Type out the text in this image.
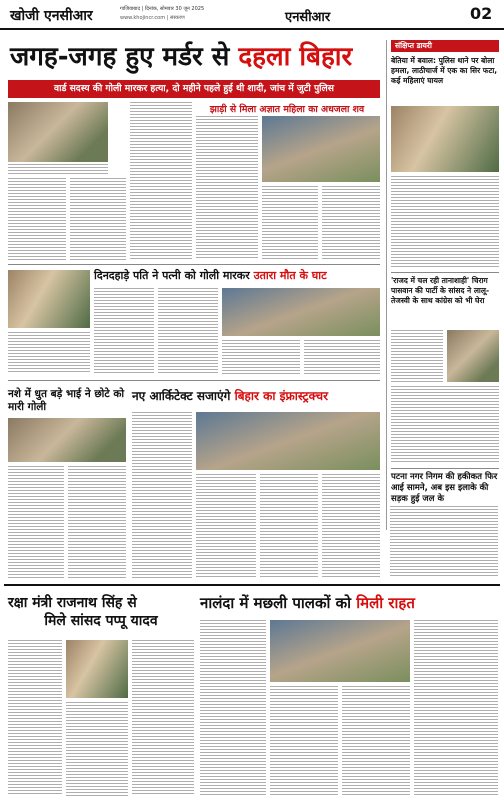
खोजी एनसीआर	गाजियाबाद | दिनांक, सोमवार 30 जून 2025
www.khojincr.com | संस्करण	एनसीआर	02
जगह-जगह हुए मर्डर से दहला बिहार
वार्ड सदस्य की गोली मारकर हत्या, दो महीने पहले हुई थी शादी, जांच में जुटी पुलिस
झाड़ी से मिला अज्ञात महिला का अधजला शव
संक्षिप्त डायरी
बेतिया में बवाल: पुलिस थाने पर बोला हमला, लाठीचार्ज में एक का सिर फटा, कई महिलाएं घायल
'राजद में चल रही तानाशाही' चिराग पासवान की पार्टी के सांसद ने लालू-तेजस्वी के साथ कांग्रेस को भी घेरा
पटना नगर निगम की हकीकत फिर आई सामने, अब इस इलाके की सड़क हुई जल के
दिनदहाड़े पति ने पत्नी को गोली मारकर उतारा मौत के घाट
नशे में धुत बड़े भाई ने छोटे को मारी गोली
नए आर्किटेक्ट सजाएंगे बिहार का इंफ्रास्ट्रक्चर
रक्षा मंत्री राजनाथ सिंह से
मिले सांसद पप्पू यादव
नालंदा में मछली पालकों को मिली राहत
